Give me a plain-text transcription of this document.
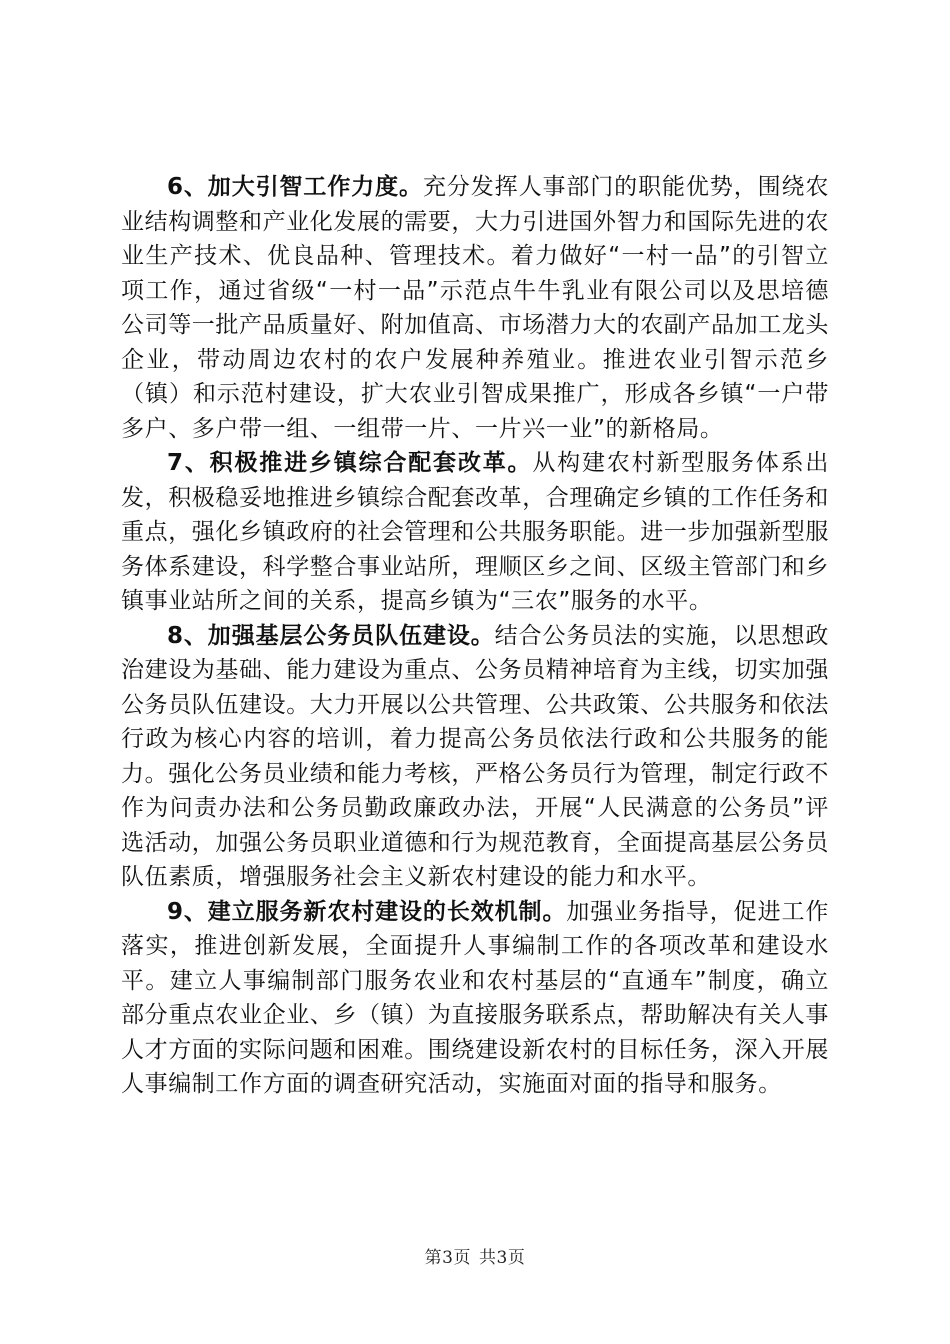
6、加大引智工作力度。充分发挥人事部门的职能优势，围绕农业结构调整和产业化发展的需要，大力引进国外智力和国际先进的农业生产技术、优良品种、管理技术。着力做好“一村一品”的引智立项工作，通过省级“一村一品”示范点牛牛乳业有限公司以及思培德公司等一批产品质量好、附加值高、市场潜力大的农副产品加工龙头企业，带动周边农村的农户发展种养殖业。推进农业引智示范乡（镇）和示范村建设，扩大农业引智成果推广，形成各乡镇“一户带多户、多户带一组、一组带一片、一片兴一业”的新格局。

7、积极推进乡镇综合配套改革。从构建农村新型服务体系出发，积极稳妥地推进乡镇综合配套改革，合理确定乡镇的工作任务和重点，强化乡镇政府的社会管理和公共服务职能。进一步加强新型服务体系建设，科学整合事业站所，理顺区乡之间、区级主管部门和乡镇事业站所之间的关系，提高乡镇为“三农”服务的水平。

8、加强基层公务员队伍建设。结合公务员法的实施，以思想政治建设为基础、能力建设为重点、公务员精神培育为主线，切实加强公务员队伍建设。大力开展以公共管理、公共政策、公共服务和依法行政为核心内容的培训，着力提高公务员依法行政和公共服务的能力。强化公务员业绩和能力考核，严格公务员行为管理，制定行政不作为问责办法和公务员勤政廉政办法，开展“人民满意的公务员”评选活动，加强公务员职业道德和行为规范教育，全面提高基层公务员队伍素质，增强服务社会主义新农村建设的能力和水平。

9、建立服务新农村建设的长效机制。加强业务指导，促进工作落实，推进创新发展，全面提升人事编制工作的各项改革和建设水平。建立人事编制部门服务农业和农村基层的“直通车”制度，确立部分重点农业企业、乡（镇）为直接服务联系点，帮助解决有关人事人才方面的实际问题和困难。围绕建设新农村的目标任务，深入开展人事编制工作方面的调查研究活动，实施面对面的指导和服务。

第3页 共3页
